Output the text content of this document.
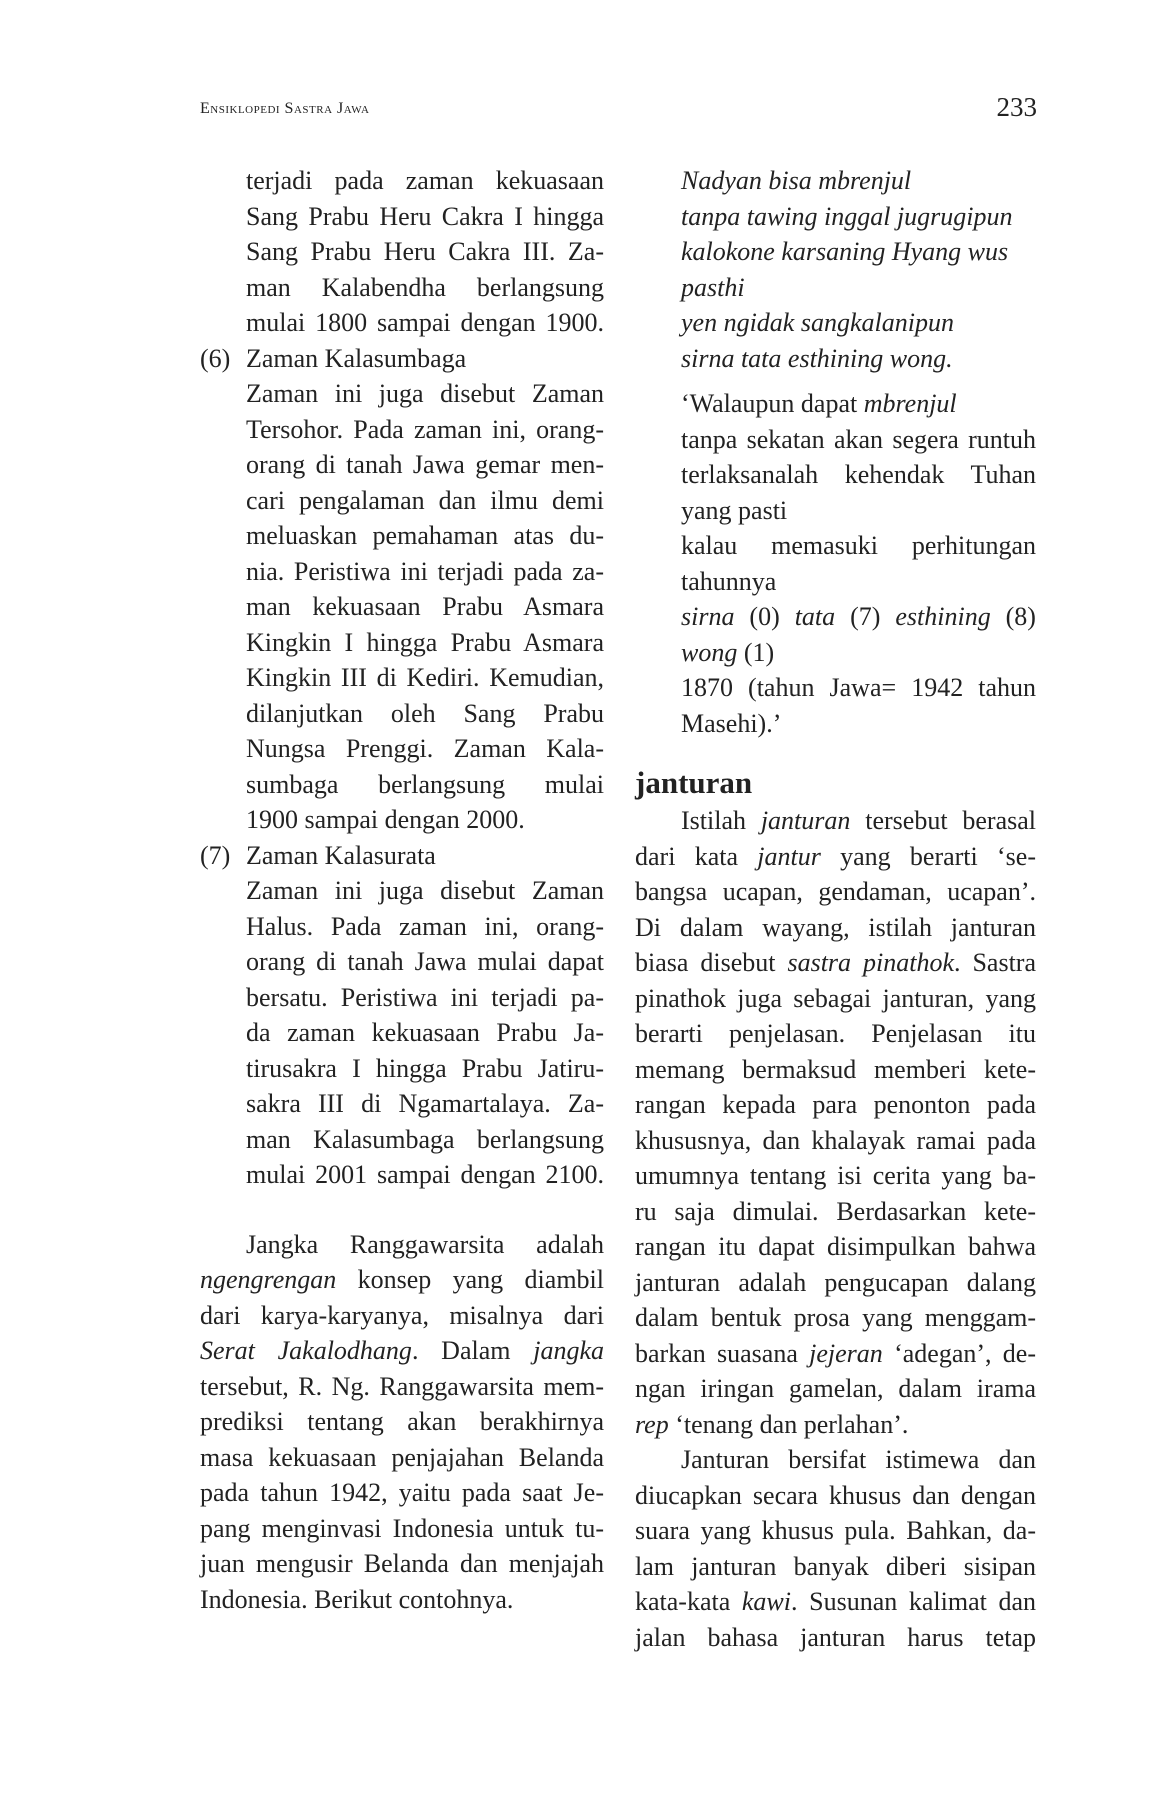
Ensiklopedi Sastra Jawa	233
terjadi pada zaman kekuasaan
Sang Prabu Heru Cakra I hingga
Sang Prabu Heru Cakra III. Za-
man Kalabendha berlangsung
mulai 1800 sampai dengan 1900.
(6) Zaman Kalasumbaga
Zaman ini juga disebut Zaman
Tersohor. Pada zaman ini, orang-
orang di tanah Jawa gemar men-
cari pengalaman dan ilmu demi
meluaskan pemahaman atas du-
nia. Peristiwa ini terjadi pada za-
man kekuasaan Prabu Asmara
Kingkin I hingga Prabu Asmara
Kingkin III di Kediri. Kemudian,
dilanjutkan oleh Sang Prabu
Nungsa Prenggi. Zaman Kala-
sumbaga berlangsung mulai
1900 sampai dengan 2000.
(7) Zaman Kalasurata
Zaman ini juga disebut Zaman
Halus. Pada zaman ini, orang-
orang di tanah Jawa mulai dapat
bersatu. Peristiwa ini terjadi pa-
da zaman kekuasaan Prabu Ja-
tirusakra I hingga Prabu Jatiru-
sakra III di Ngamartalaya. Za-
man Kalasumbaga berlangsung
mulai 2001 sampai dengan 2100.
Jangka Ranggawarsita adalah
ngengrengan konsep yang diambil
dari karya-karyanya, misalnya dari
Serat Jakalodhang. Dalam jangka
tersebut, R. Ng. Ranggawarsita mem-
prediksi tentang akan berakhirnya
masa kekuasaan penjajahan Belanda
pada tahun 1942, yaitu pada saat Je-
pang menginvasi Indonesia untuk tu-
juan mengusir Belanda dan menjajah
Indonesia. Berikut contohnya.
Nadyan bisa mbrenjul
tanpa tawing inggal jugrugipun
kalokone karsaning Hyang wus
pasthi
yen ngidak sangkalanipun
sirna tata esthining wong.
‘Walaupun dapat mbrenjul
tanpa sekatan akan segera runtuh
terlaksanalah kehendak Tuhan
yang pasti
kalau memasuki perhitungan
tahunnya
sirna (0) tata (7) esthining (8)
wong (1)
1870 (tahun Jawa= 1942 tahun
Masehi).’
janturan
Istilah janturan tersebut berasal
dari kata jantur yang berarti ‘se-
bangsa ucapan, gendaman, ucapan’.
Di dalam wayang, istilah janturan
biasa disebut sastra pinathok. Sastra
pinathok juga sebagai janturan, yang
berarti penjelasan. Penjelasan itu
memang bermaksud memberi kete-
rangan kepada para penonton pada
khususnya, dan khalayak ramai pada
umumnya tentang isi cerita yang ba-
ru saja dimulai. Berdasarkan kete-
rangan itu dapat disimpulkan bahwa
janturan adalah pengucapan dalang
dalam bentuk prosa yang menggam-
barkan suasana jejeran ‘adegan’, de-
ngan iringan gamelan, dalam irama
rep ‘tenang dan perlahan’.
Janturan bersifat istimewa dan
diucapkan secara khusus dan dengan
suara yang khusus pula. Bahkan, da-
lam janturan banyak diberi sisipan
kata-kata kawi. Susunan kalimat dan
jalan bahasa janturan harus tetap
